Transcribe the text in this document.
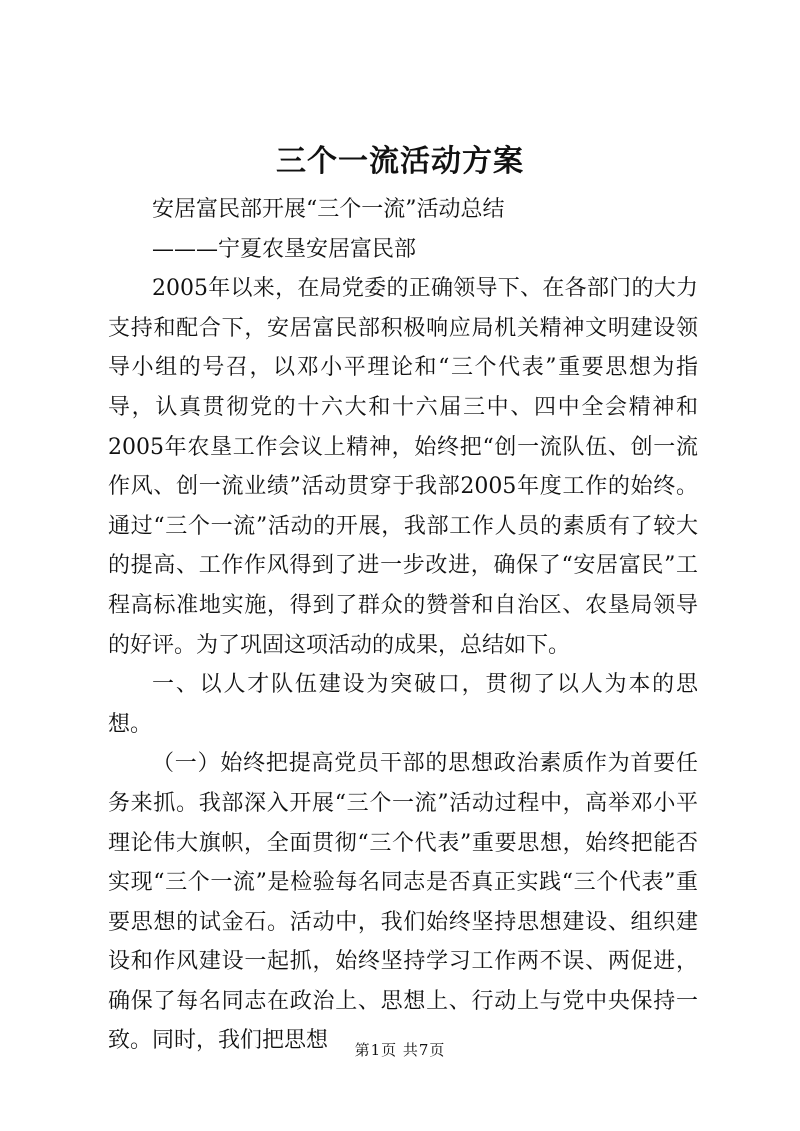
三个一流活动方案

安居富民部开展“三个一流”活动总结

———宁夏农垦安居富民部

2005年以来，在局党委的正确领导下、在各部门的大力支持和配合下，安居富民部积极响应局机关精神文明建设领导小组的号召，以邓小平理论和“三个代表”重要思想为指导，认真贯彻党的十六大和十六届三中、四中全会精神和2005年农垦工作会议上精神，始终把“创一流队伍、创一流作风、创一流业绩”活动贯穿于我部2005年度工作的始终。通过“三个一流”活动的开展，我部工作人员的素质有了较大的提高、工作作风得到了进一步改进，确保了“安居富民”工程高标准地实施，得到了群众的赞誉和自治区、农垦局领导的好评。为了巩固这项活动的成果，总结如下。

一、以人才队伍建设为突破口，贯彻了以人为本的思想。

（一）始终把提高党员干部的思想政治素质作为首要任务来抓。我部深入开展“三个一流”活动过程中，高举邓小平理论伟大旗帜，全面贯彻“三个代表”重要思想，始终把能否实现“三个一流”是检验每名同志是否真正实践“三个代表”重要思想的试金石。活动中，我们始终坚持思想建设、组织建设和作风建设一起抓，始终坚持学习工作两不误、两促进，确保了每名同志在政治上、思想上、行动上与党中央保持一致。同时，我们把思想	第1页 共7页
